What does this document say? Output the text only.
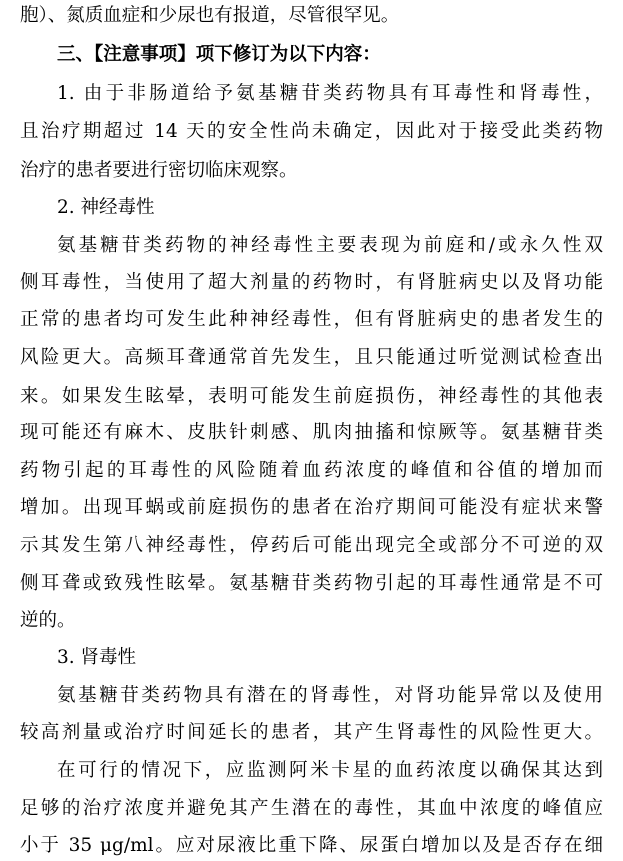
胞）、氮质血症和少尿也有报道，尽管很罕见。
三、【注意事项】项下修订为以下内容：
1. 由于非肠道给予氨基糖苷类药物具有耳毒性和肾毒性，
且治疗期超过 14 天的安全性尚未确定，因此对于接受此类药物
治疗的患者要进行密切临床观察。
2. 神经毒性
氨基糖苷类药物的神经毒性主要表现为前庭和/或永久性双
侧耳毒性，当使用了超大剂量的药物时，有肾脏病史以及肾功能
正常的患者均可发生此种神经毒性，但有肾脏病史的患者发生的
风险更大。高频耳聋通常首先发生，且只能通过听觉测试检查出
来。如果发生眩晕，表明可能发生前庭损伤，神经毒性的其他表
现可能还有麻木、皮肤针刺感、肌肉抽搐和惊厥等。氨基糖苷类
药物引起的耳毒性的风险随着血药浓度的峰值和谷值的增加而
增加。出现耳蜗或前庭损伤的患者在治疗期间可能没有症状来警
示其发生第八神经毒性，停药后可能出现完全或部分不可逆的双
侧耳聋或致残性眩晕。氨基糖苷类药物引起的耳毒性通常是不可
逆的。
3. 肾毒性
氨基糖苷类药物具有潜在的肾毒性，对肾功能异常以及使用
较高剂量或治疗时间延长的患者，其产生肾毒性的风险性更大。
在可行的情况下，应监测阿米卡星的血药浓度以确保其达到
足够的治疗浓度并避免其产生潜在的毒性，其血中浓度的峰值应
小于 35 μg/ml。应对尿液比重下降、尿蛋白增加以及是否存在细
